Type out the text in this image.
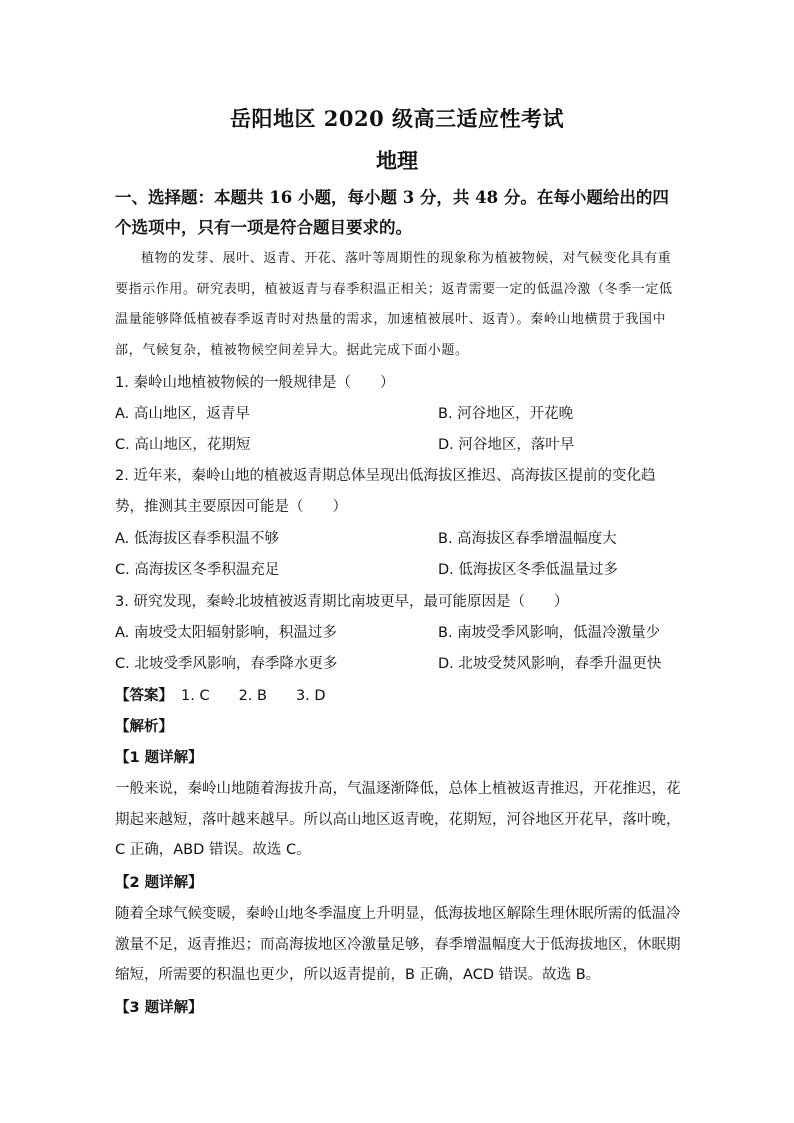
岳阳地区 2020 级高三适应性考试
地理
一、选择题：本题共 16 小题，每小题 3 分，共 48 分。在每小题给出的四个选项中，只有一项是符合题目要求的。
植物的发芽、展叶、返青、开花、落叶等周期性的现象称为植被物候，对气候变化具有重要指示作用。研究表明，植被返青与春季积温正相关；返青需要一定的低温冷激（冬季一定低温量能够降低植被春季返青时对热量的需求，加速植被展叶、返青）。秦岭山地横贯于我国中部，气候复杂，植被物候空间差异大。据此完成下面小题。
1. 秦岭山地植被物候的一般规律是（　　）
A. 高山地区，返青早	B. 河谷地区，开花晚
C. 高山地区，花期短	D. 河谷地区，落叶早
2. 近年来，秦岭山地的植被返青期总体呈现出低海拔区推迟、高海拔区提前的变化趋势，推测其主要原因可能是（　　）
A. 低海拔区春季积温不够	B. 高海拔区春季增温幅度大
C. 高海拔区冬季积温充足	D. 低海拔区冬季低温量过多
3. 研究发现，秦岭北坡植被返青期比南坡更早，最可能原因是（　　）
A. 南坡受太阳辐射影响，积温过多	B. 南坡受季风影响，低温冷激量少
C. 北坡受季风影响，春季降水更多	D. 北坡受焚风影响，春季升温更快
【答案】 1. C　　2. B　　3. D
【解析】
【1 题详解】
一般来说，秦岭山地随着海拔升高，气温逐渐降低，总体上植被返青推迟，开花推迟，花期起来越短，落叶越来越早。所以高山地区返青晚，花期短，河谷地区开花早，落叶晚，C 正确，ABD 错误。故选 C。
【2 题详解】
随着全球气候变暖，秦岭山地冬季温度上升明显，低海拔地区解除生理休眠所需的低温冷激量不足，返青推迟；而高海拔地区冷激量足够，春季增温幅度大于低海拔地区，休眠期缩短，所需要的积温也更少，所以返青提前，B 正确，ACD 错误。故选 B。
【3 题详解】
